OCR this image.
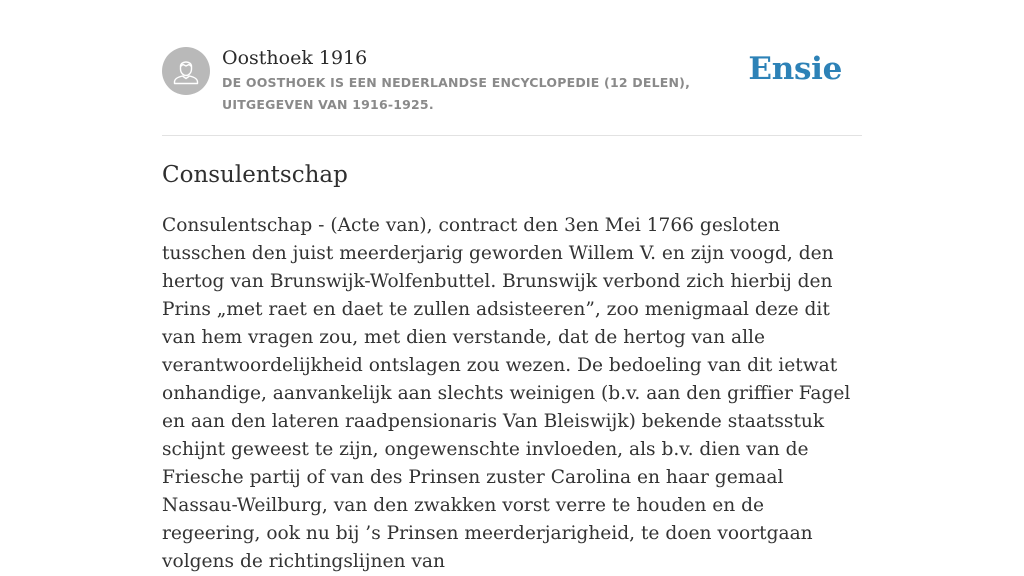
Oosthoek 1916

DE OOSTHOEK IS EEN NEDERLANDSE ENCYCLOPEDIE (12 DELEN), UITGEGEVEN VAN 1916-1925.

Ensie
Consulentschap

Consulentschap - (Acte van), contract den 3en Mei 1766 gesloten tusschen den juist meerderjarig geworden Willem V. en zijn voogd, den hertog van Brunswijk-Wolfenbuttel. Brunswijk verbond zich hierbij den Prins „met raet en daet te zullen adsisteeren”, zoo menigmaal deze dit van hem vragen zou, met dien verstande, dat de hertog van alle verantwoordelijkheid ontslagen zou wezen. De bedoeling van dit ietwat onhandige, aanvankelijk aan slechts weinigen (b.v. aan den griffier Fagel en aan den lateren raadpensionaris Van Bleiswijk) bekende staatsstuk schijnt geweest te zijn, ongewenschte invloeden, als b.v. dien van de Friesche partij of van des Prinsen zuster Carolina en haar gemaal Nassau-Weilburg, van den zwakken vorst verre te houden en de regeering, ook nu bij ’s Prinsen meerderjarigheid, te doen voortgaan volgens de richtingslijnen van
